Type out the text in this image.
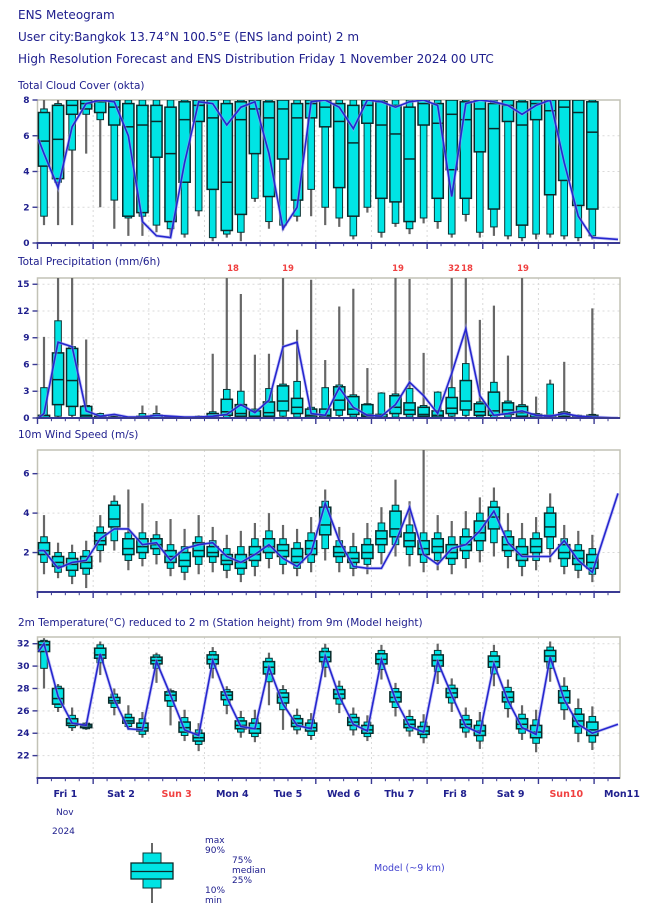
0
2
4
6
8
0
3
6
9
12
15
18	19	19	32 18	19
2
4
6
22
24
26
28
30
32
Fri 1	Sat 2	Sun 3	Mon 4	Tue 5	Wed 6	Thu 7	Fri 8	Sat 9	Sun10 Mon11
ENS Meteogram
User city:Bangkok 13.74°N 100.5°E (ENS land point) 2 m
High Resolution Forecast and ENS Distribution Friday 1 November 2024 00 UTC
Total Cloud Cover (okta)
Total Precipitation (mm/6h)
10m Wind Speed (m/s)
2m Temperature(°C) reduced to 2 m (Station height) from 9m (Model height)
Nov
2024
max
90%
75%
median
25%
10%
min
Model (~9 km)
